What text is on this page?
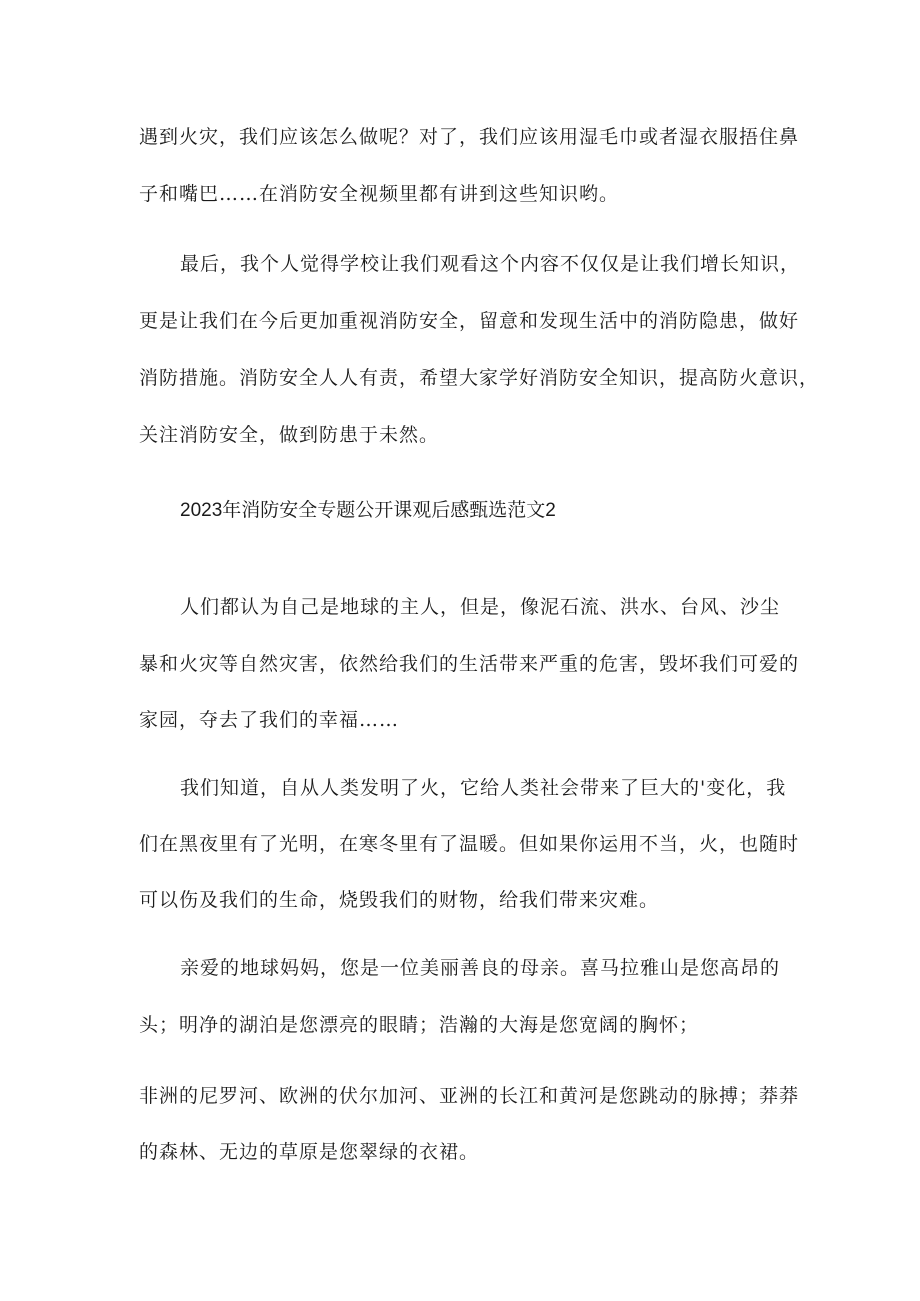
遇到火灾，我们应该怎么做呢？对了，我们应该用湿毛巾或者湿衣服捂住鼻
子和嘴巴……在消防安全视频里都有讲到这些知识哟。
最后，我个人觉得学校让我们观看这个内容不仅仅是让我们增长知识，
更是让我们在今后更加重视消防安全，留意和发现生活中的消防隐患，做好
消防措施。消防安全人人有责，希望大家学好消防安全知识，提高防火意识，
关注消防安全，做到防患于未然。
2023年消防安全专题公开课观后感甄选范文2
人们都认为自己是地球的主人，但是，像泥石流、洪水、台风、沙尘
暴和火灾等自然灾害，依然给我们的生活带来严重的危害，毁坏我们可爱的
家园，夺去了我们的幸福……
我们知道，自从人类发明了火，它给人类社会带来了巨大的'变化，我
们在黑夜里有了光明，在寒冬里有了温暖。但如果你运用不当，火，也随时
可以伤及我们的生命，烧毁我们的财物，给我们带来灾难。
亲爱的地球妈妈，您是一位美丽善良的母亲。喜马拉雅山是您高昂的
头；明净的湖泊是您漂亮的眼睛；浩瀚的大海是您宽阔的胸怀；
非洲的尼罗河、欧洲的伏尔加河、亚洲的长江和黄河是您跳动的脉搏；莽莽
的森林、无边的草原是您翠绿的衣裙。
